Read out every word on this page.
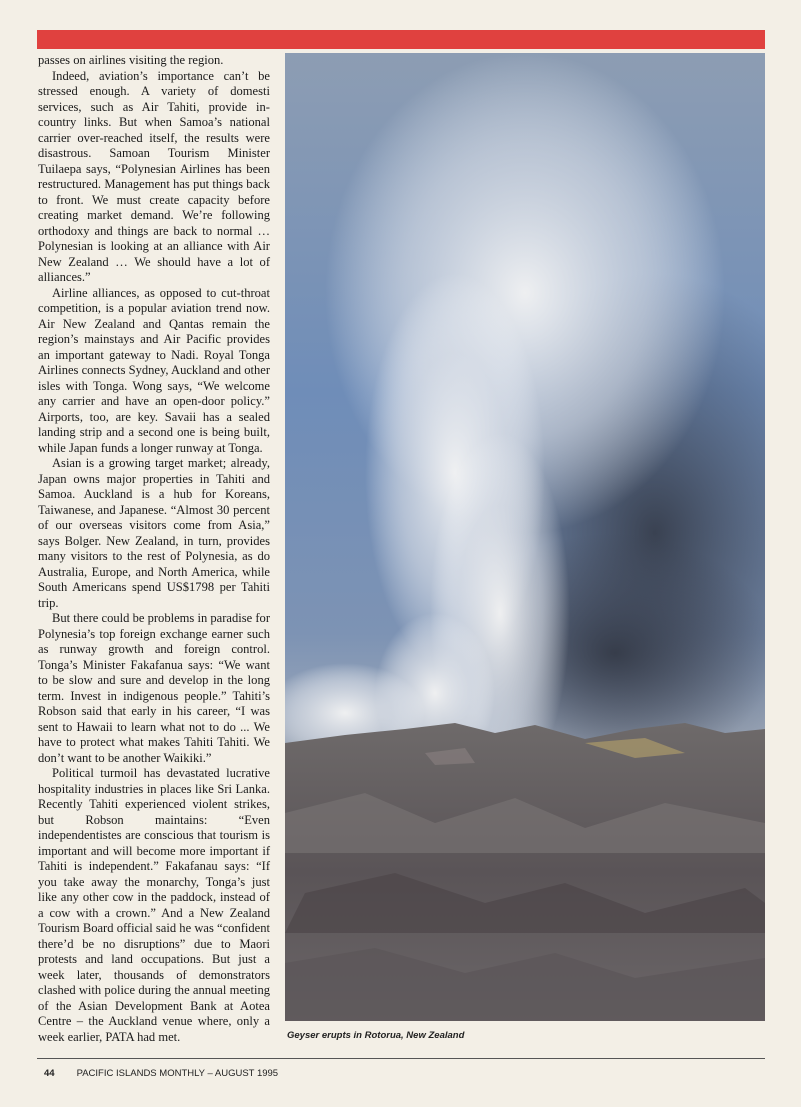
passes on airlines visiting the region.

Indeed, aviation’s importance can’t be stressed enough. A variety of domesti services, such as Air Tahiti, provide in-country links. But when Samoa’s national carrier over-reached itself, the results were disastrous. Samoan Tourism Minister Tuilaepa says, “Polynesian Airlines has been restructured. Management has put things back to front. We must create capacity before creating market demand. We’re following orthodoxy and things are back to normal … Polynesian is looking at an alliance with Air New Zealand … We should have a lot of alliances.”

Airline alliances, as opposed to cut-throat competition, is a popular aviation trend now. Air New Zealand and Qantas remain the region’s mainstays and Air Pacific provides an important gateway to Nadi. Royal Tonga Airlines connects Sydney, Auckland and other isles with Tonga. Wong says, “We welcome any carrier and have an open-door policy.” Airports, too, are key. Savaii has a sealed landing strip and a second one is being built, while Japan funds a longer runway at Tonga.

Asian is a growing target market; already, Japan owns major properties in Tahiti and Samoa. Auckland is a hub for Koreans, Taiwanese, and Japanese. “Almost 30 percent of our overseas visitors come from Asia,” says Bolger. New Zealand, in turn, provides many visitors to the rest of Polynesia, as do Australia, Europe, and North America, while South Americans spend US$1798 per Tahiti trip.

But there could be problems in paradise for Polynesia’s top foreign exchange earner such as runway growth and foreign control. Tonga’s Minister Fakafanua says: “We want to be slow and sure and develop in the long term. Invest in indigenous people.” Tahiti’s Robson said that early in his career, “I was sent to Hawaii to learn what not to do ... We have to protect what makes Tahiti Tahiti. We don’t want to be another Waikiki.”

Political turmoil has devastated lucrative hospitality industries in places like Sri Lanka. Recently Tahiti experienced violent strikes, but Robson maintains: “Even independentistes are conscious that tourism is important and will become more important if Tahiti is independent.” Fakafanau says: “If you take away the monarchy, Tonga’s just like any other cow in the paddock, instead of a cow with a crown.” And a New Zealand Tourism Board official said he was “confident there’d be no disruptions” due to Maori protests and land occupations. But just a week later, thousands of demonstrators clashed with police during the annual meeting of the Asian Development Bank at Aotea Centre – the Auckland venue where, only a week earlier, PATA had met.	Geyser erupts in Rotorua, New Zealand
44 PACIFIC ISLANDS MONTHLY – AUGUST 1995
